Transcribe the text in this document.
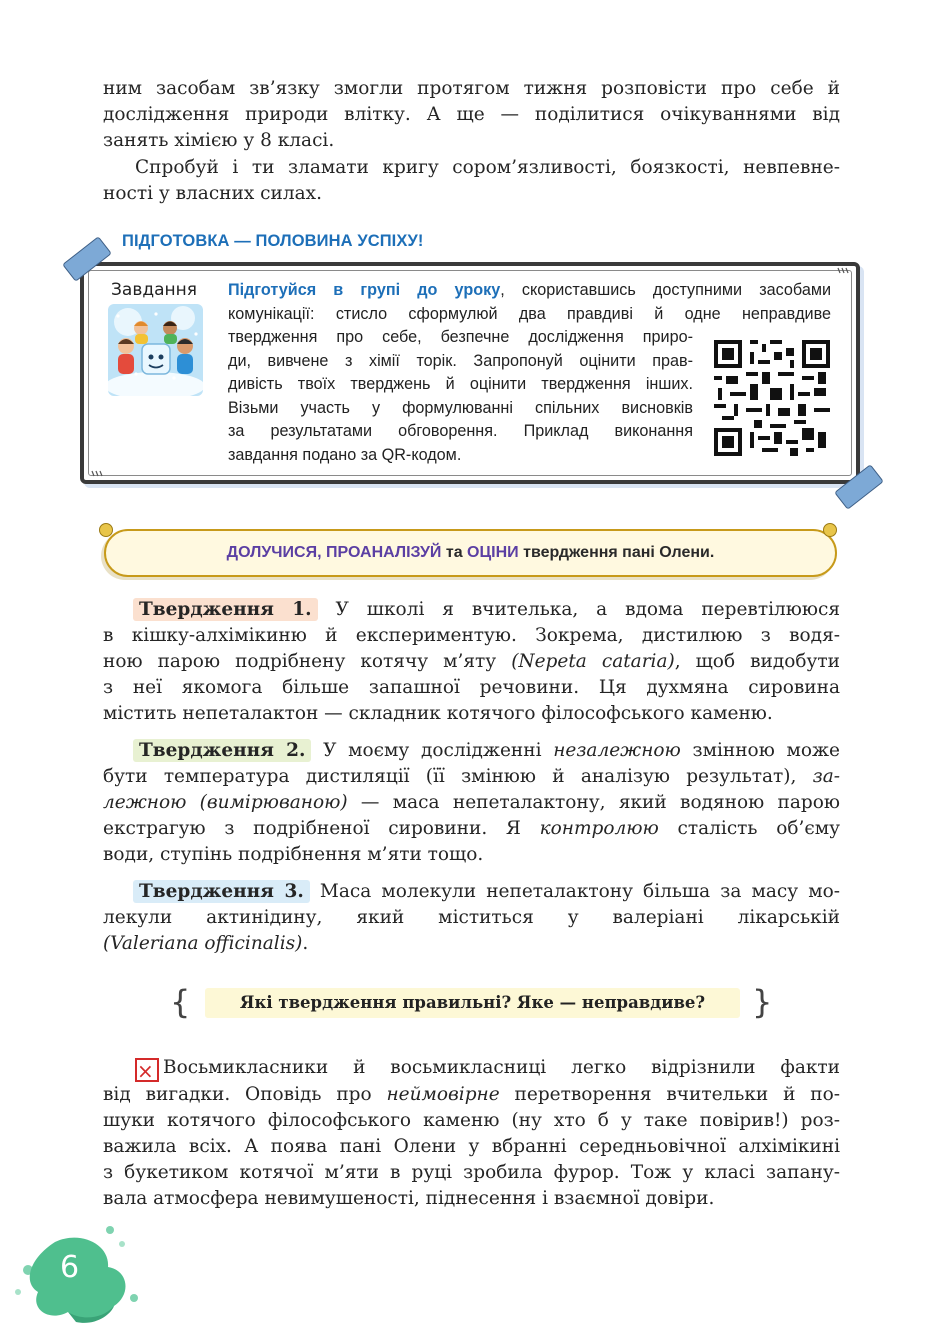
ним засобам зв’язку змогли протягом тижня розповісти про себе й
дослідження природи влітку. А ще — поділитися очікуваннями від
занять хімією у 8 класі.
Спробуй і ти зламати кригу сором’язливості, боязкості, невпевне-
ності у власних силах.
ПІДГОТОВКА — ПОЛОВИНА УСПІХУ!
Завдання Підготуйся в групі до уроку, скориставшись доступними засобами
комунікації: стисло сформулюй два правдиві й одне неправдиве
твердження про себе, безпечне дослідження приро-
ди, вивчене з хімії торік. Запропонуй оцінити прав-
дивість твоїх тверджень й оцінити твердження інших.
Візьми участь у формулюванні спільних висновків
за результатами обговорення. Приклад виконання
завдання подано за QR-кодом.
ДОЛУЧИСЯ, ПРОАНАЛІЗУЙ та ОЦІНИ твердження пані Олени.
Твердження 1. У школі я вчителька, а вдома перевтілююся
в кішку-алхімікиню й експериментую. Зокрема, дистилюю з водя-
ною парою подрібнену котячу м’яту (Nepeta cataria), щоб видобути
з неї якомога більше запашної речовини. Ця духмяна сировина
містить непеталактон — складник котячого філософського каменю.
Твердження 2. У моєму дослідженні незалежною змінною може
бути температура дистиляції (її змінюю й аналізую результат), за-
лежною (вимірюваною) — маса непеталактону, який водяною парою
екстрагую з подрібненої сировини. Я контролюю сталість об’єму
води, ступінь подрібнення м’яти тощо.
Твердження 3. Маса молекули непеталактону більша за масу мо-
лекули актинідину, який міститься у валеріані лікарській
(Valeriana officinalis).
{	}
Які твердження правильні? Яке — неправдиве?
× Восьмикласники й восьмикласниці легко відрізнили факти
від вигадки. Оповідь про неймовірне перетворення вчительки й по-
шуки котячого філософського каменю (ну хто б у таке повірив!) роз-
важила всіх. А поява пані Олени у вбранні середньовічної алхімікині
з букетиком котячої м’яти в руці зробила фурор. Тож у класі запану-
вала атмосфера невимушеності, піднесення і взаємної довіри.
6
